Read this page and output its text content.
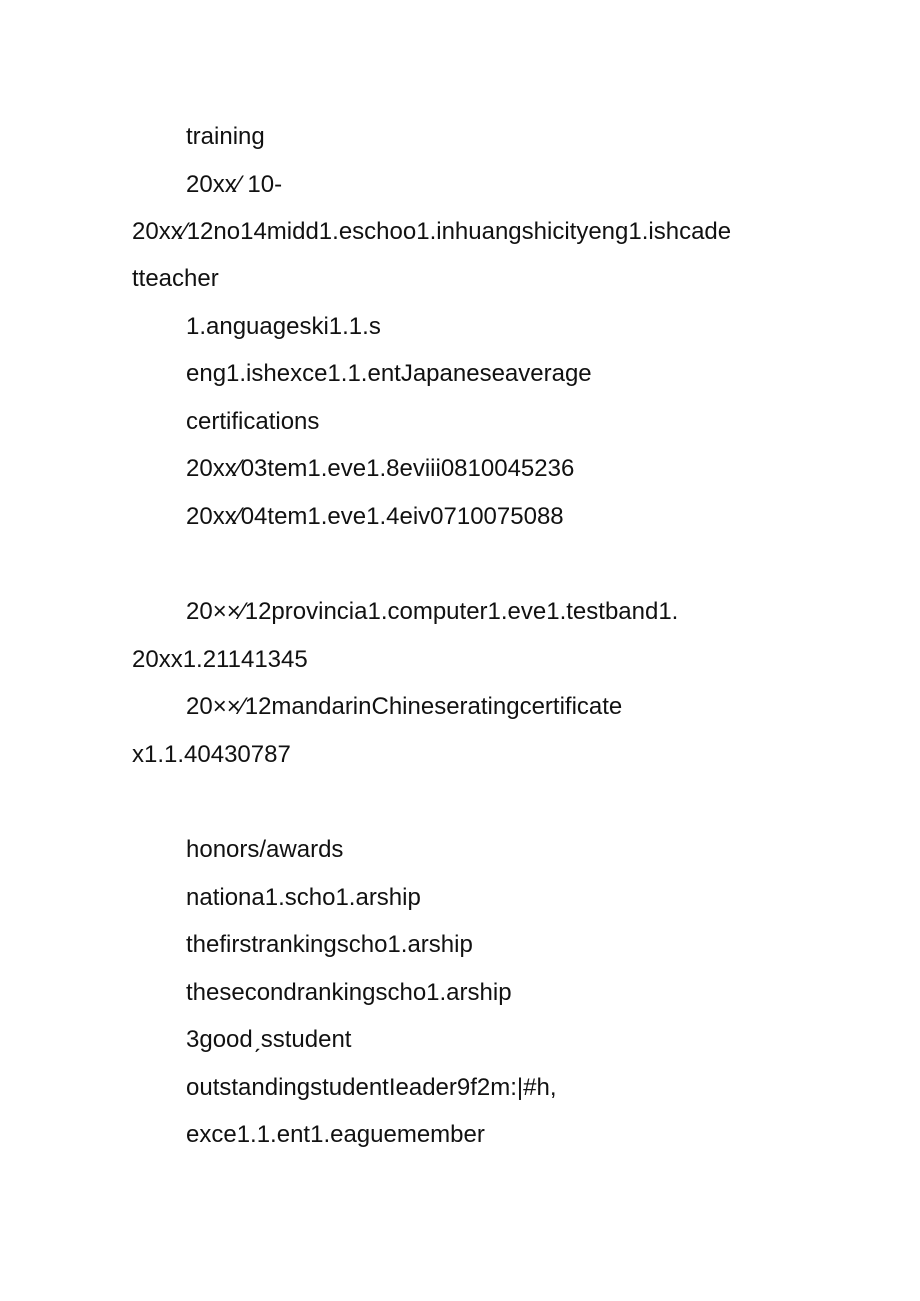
training

20xx∕ 10-

20xx∕12no14midd1.eschoo1.inhuangshicityeng1.ishcade

tteacher

1.anguageski1.1.s

eng1.ishexce1.1.entJapaneseaverage

certifications

20xx∕03tem1.eve1.8eviii0810045236

20xx∕04tem1.eve1.4eiv0710075088

20××∕12provincia1.computer1.eve1.testband1.

20xx1.21141345

20××∕12mandarinChineseratingcertificate

x1.1.40430787

honors/awards

nationa1.scho1.arship

thefirstrankingscho1.arship

thesecondrankingscho1.arship

3goodˏsstudent

outstandingstudentIeader9f2m:|#h,

exce1.1.ent1.eaguemember
